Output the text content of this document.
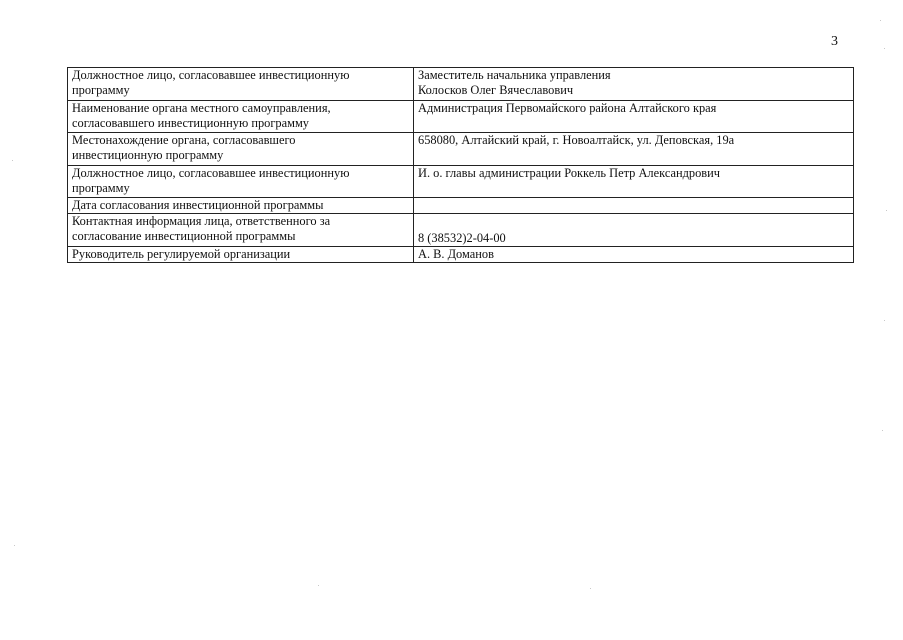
3
Должностное лицо, согласовавшее инвестиционную
программу	Заместитель начальника управления
Колосков Олег Вячеславович
Наименование органа местного самоуправления,
согласовавшего инвестиционную программу	Администрация Первомайского района Алтайского края
Местонахождение органа, согласовавшего
инвестиционную программу	658080, Алтайский край, г. Новоалтайск, ул. Деповская, 19а
Должностное лицо, согласовавшее инвестиционную
программу	И. о. главы администрации Роккель Петр Александрович
Дата согласования инвестиционной программы	
Контактная информация лица, ответственного за
согласование инвестиционной программы	8 (38532)2-04-00
Руководитель регулируемой организации	А. В. Доманов
